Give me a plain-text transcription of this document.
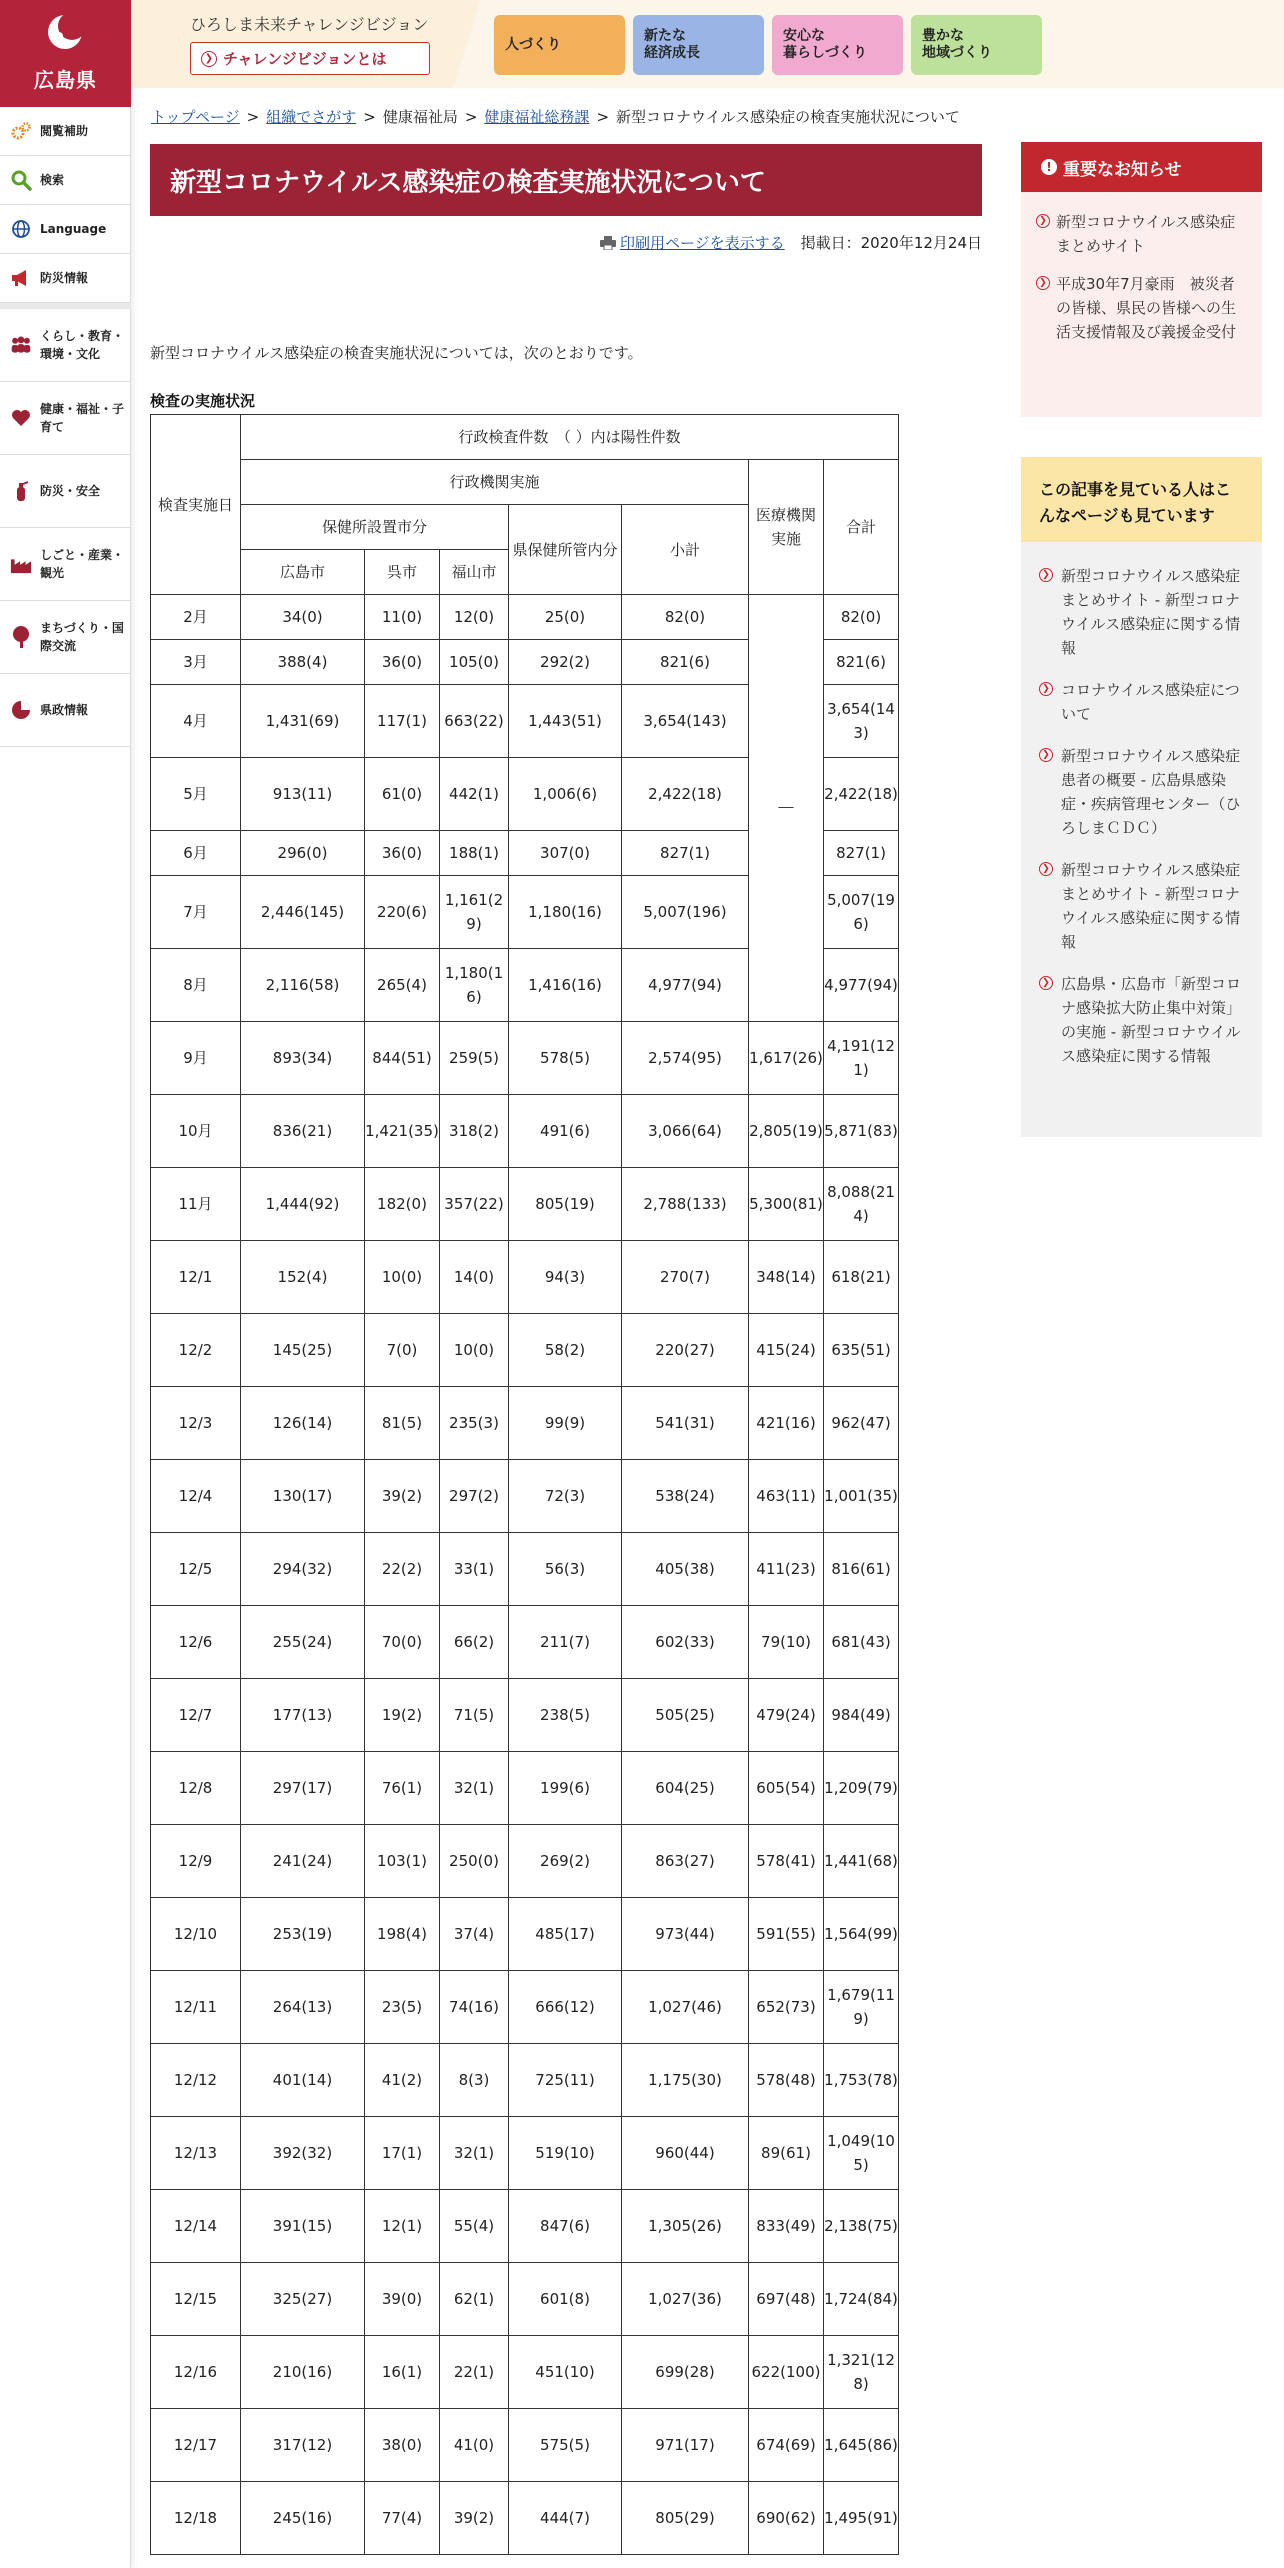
広島県
閲覧補助
検索
Language
防災情報
くらし・教育・環境・文化
健康・福祉・子育て
防災・安全
しごと・産業・観光
まちづくり・国際交流
県政情報
ひろしま未来チャレンジビジョン
❯ チャレンジビジョンとは
人づくり
新たな
経済成長
安心な
暮らしづくり
豊かな
地域づくり
トップページ > 組織でさがす > 健康福祉局 > 健康福祉総務課 > 新型コロナウイルス感染症の検査実施状況について
新型コロナウイルス感染症の検査実施状況について
印刷用ページを表示する 掲載日：2020年12月24日

新型コロナウイルス感染症の検査実施状況については，次のとおりです。

検査の実施状況
検査実施日	行政検査件数　（ ）内は陽性件数						
	行政機関実施					医療機関実施	合計
	保健所設置市分			県保健所管内分	小計		
	広島市	呉市	福山市				
2月	34(0)	11(0)	12(0)	25(0)	82(0)	－	82(0)
3月	388(4)	36(0)	105(0)	292(2)	821(6)		821(6)
4月	1,431(69)	117(1)	663(22)	1,443(51)	3,654(143)		3,654(143)
5月	913(11)	61(0)	442(1)	1,006(6)	2,422(18)		2,422(18)
6月	296(0)	36(0)	188(1)	307(0)	827(1)		827(1)
7月	2,446(145)	220(6)	1,161(29)	1,180(16)	5,007(196)		5,007(196)
8月	2,116(58)	265(4)	1,180(16)	1,416(16)	4,977(94)		4,977(94)
9月	893(34)	844(51)	259(5)	578(5)	2,574(95)	1,617(26)	4,191(121)
10月	836(21)	1,421(35)	318(2)	491(6)	3,066(64)	2,805(19)	5,871(83)
11月	1,444(92)	182(0)	357(22)	805(19)	2,788(133)	5,300(81)	8,088(214)
12/1	152(4)	10(0)	14(0)	94(3)	270(7)	348(14)	618(21)
12/2	145(25)	7(0)	10(0)	58(2)	220(27)	415(24)	635(51)
12/3	126(14)	81(5)	235(3)	99(9)	541(31)	421(16)	962(47)
12/4	130(17)	39(2)	297(2)	72(3)	538(24)	463(11)	1,001(35)
12/5	294(32)	22(2)	33(1)	56(3)	405(38)	411(23)	816(61)
12/6	255(24)	70(0)	66(2)	211(7)	602(33)	79(10)	681(43)
12/7	177(13)	19(2)	71(5)	238(5)	505(25)	479(24)	984(49)
12/8	297(17)	76(1)	32(1)	199(6)	604(25)	605(54)	1,209(79)
12/9	241(24)	103(1)	250(0)	269(2)	863(27)	578(41)	1,441(68)
12/10	253(19)	198(4)	37(4)	485(17)	973(44)	591(55)	1,564(99)
12/11	264(13)	23(5)	74(16)	666(12)	1,027(46)	652(73)	1,679(119)
12/12	401(14)	41(2)	8(3)	725(11)	1,175(30)	578(48)	1,753(78)
12/13	392(32)	17(1)	32(1)	519(10)	960(44)	89(61)	1,049(105)
12/14	391(15)	12(1)	55(4)	847(6)	1,305(26)	833(49)	2,138(75)
12/15	325(27)	39(0)	62(1)	601(8)	1,027(36)	697(48)	1,724(84)
12/16	210(16)	16(1)	22(1)	451(10)	699(28)	622(100)	1,321(128)
12/17	317(12)	38(0)	41(0)	575(5)	971(17)	674(69)	1,645(86)
12/18	245(16)	77(4)	39(2)	444(7)	805(29)	690(62)	1,495(91)
! 重要なお知らせ
❯ 新型コロナウイルス感染症 まとめサイト
❯ 平成30年7月豪雨　被災者の皆様、県民の皆様への生活支援情報及び義援金受付
この記事を見ている人はこんなページも見ています
❯ 新型コロナウイルス感染症 まとめサイト - 新型コロナウイルス感染症に関する情報
❯ コロナウイルス感染症について
❯ 新型コロナウイルス感染症患者の概要 - 広島県感染症・疾病管理センター（ひろしまＣＤＣ）
❯ 新型コロナウイルス感染症 まとめサイト - 新型コロナウイルス感染症に関する情報
❯ 広島県・広島市「新型コロナ感染拡大防止集中対策」の実施 - 新型コロナウイルス感染症に関する情報
